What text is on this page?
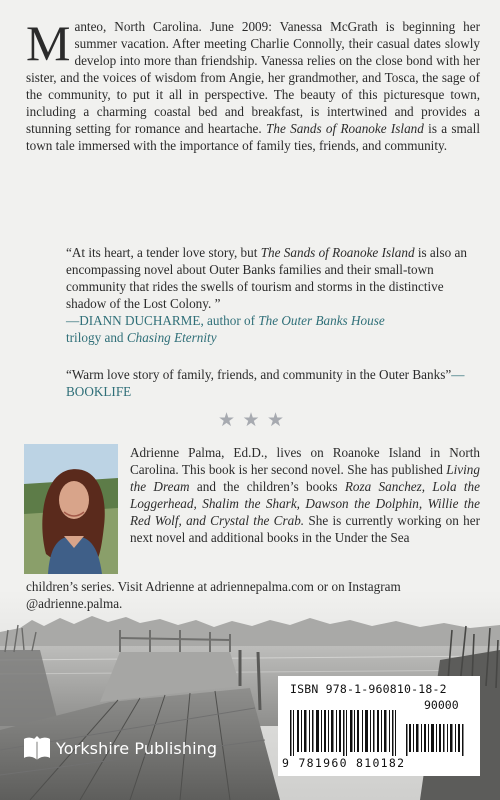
Manteo, North Carolina. June 2009: Vanessa McGrath is beginning her summer vacation. After meeting Charlie Connolly, their casual dates slowly develop into more than friendship. Vanessa relies on the close bond with her sister, and the voices of wisdom from Angie, her grandmother, and Tosca, the sage of the community, to put it all in perspective. The beauty of this picturesque town, including a charming coastal bed and breakfast, is intertwined and provides a stunning setting for romance and heartache. The Sands of Roanoke Island is a small town tale immersed with the importance of family ties, friends, and community.

“At its heart, a tender love story, but The Sands of Roanoke Island is also an encompassing novel about Outer Banks families and their small-town community that rides the swells of tourism and storms in the distinctive shadow of the Lost Colony. ”
—DIANN DUCHARME, author of The Outer Banks House
trilogy and Chasing Eternity

“Warm love story of family, friends, and community in the Outer Banks”—BOOKLIFE

★ ★ ★

Adrienne Palma, Ed.D., lives on Roanoke Island in North Carolina. This book is her second novel. She has published Living the Dream and the children’s books Roza Sanchez, Lola the Loggerhead, Shalim the Shark, Dawson the Dolphin, Willie the Red Wolf, and Crystal the Crab. She is currently working on her next novel and additional books in the Under the Sea

children’s series. Visit Adrienne at adriennepalma.com or on Instagram @adrienne.palma.

Yorkshire Publishing
ISBN 978-1-960810-18-2
90000
9 781960 810182
